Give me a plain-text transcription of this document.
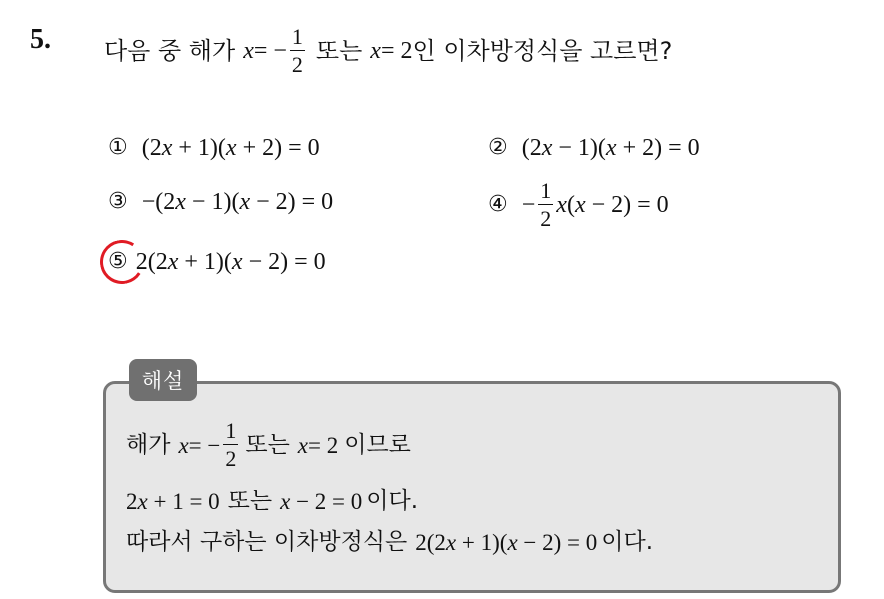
5. 다음 중 해가 x = − $\frac{1}{2}$ 또는 x = 2 인 이차방정식을 고르면?
① (2x + 1)(x + 2) = 0	② (2x − 1)(x + 2) = 0
③ −(2x − 1)(x − 2) = 0	④ − $\frac{1}{2} x(x - 2) = 0$
⑤ 2(2x + 1)(x − 2) = 0
해설
해가 x = − $\frac{1}{2}$ 또는 x = 2 이므로
2x + 1 = 0 또는 x − 2 = 0 이다.
따라서 구하는 이차방정식은 2(2x + 1)(x − 2) = 0 이다.
